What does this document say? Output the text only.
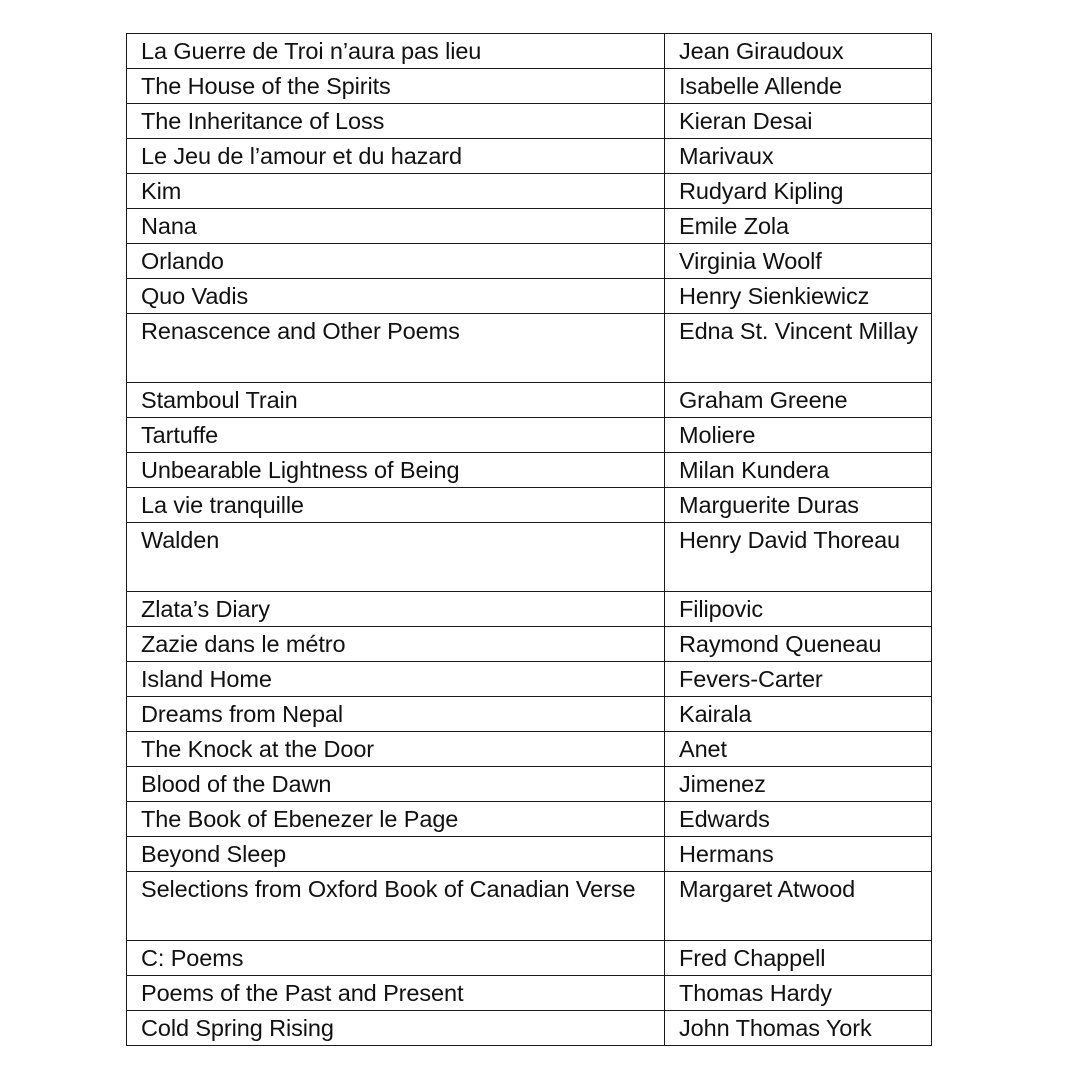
La Guerre de Troi n’aura pas lieu	Jean Giraudoux
The House of the Spirits	Isabelle Allende
The Inheritance of Loss	Kieran Desai
Le Jeu de l’amour et du hazard	Marivaux
Kim	Rudyard Kipling
Nana	Emile Zola
Orlando	Virginia Woolf
Quo Vadis	Henry Sienkiewicz
Renascence and Other Poems	Edna St. Vincent Millay
Stamboul Train	Graham Greene
Tartuffe	Moliere
Unbearable Lightness of Being	Milan Kundera
La vie tranquille	Marguerite Duras
Walden	Henry David Thoreau
Zlata’s Diary	Filipovic
Zazie dans le métro	Raymond Queneau
Island Home	Fevers-Carter
Dreams from Nepal	Kairala
The Knock at the Door	Anet
Blood of the Dawn	Jimenez
The Book of Ebenezer le Page	Edwards
Beyond Sleep	Hermans
Selections from Oxford Book of Canadian Verse	Margaret Atwood
C: Poems	Fred Chappell
Poems of the Past and Present	Thomas Hardy
Cold Spring Rising	John Thomas York
